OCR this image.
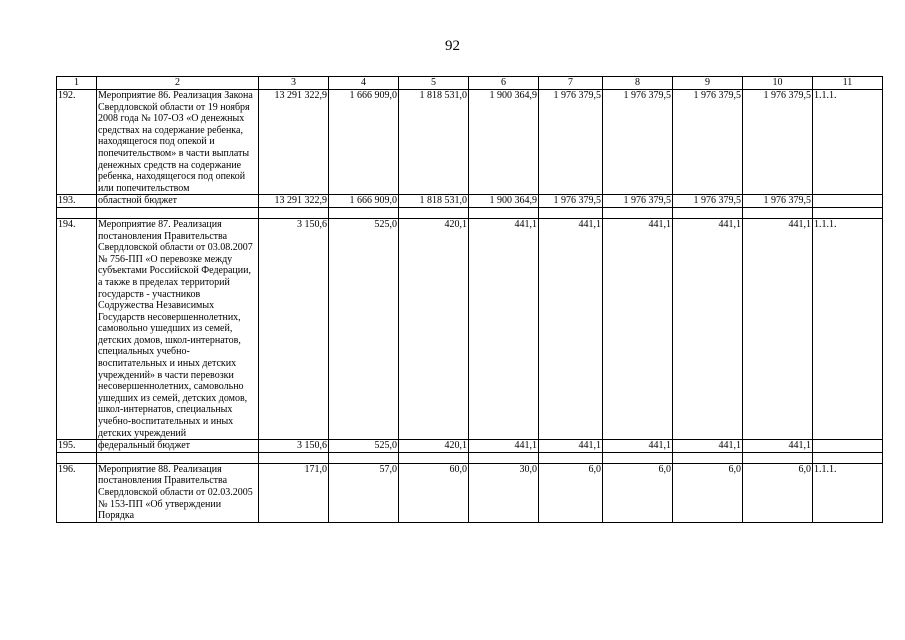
92
1	2	3	4	5	6	7	8	9	10	11
192.	Мероприятие 86. Реализация Закона Свердловской области от 19 ноября 2008 года № 107-ОЗ «О денежных средствах на содержание ребенка, находящегося под опекой и попечительством» в части выплаты денежных средств на содержание ребенка, находящегося под опекой или попечительством	13 291 322,9	1 666 909,0	1 818 531,0	1 900 364,9	1 976 379,5	1 976 379,5	1 976 379,5	1 976 379,5	1.1.1.
193.	областной бюджет	13 291 322,9	1 666 909,0	1 818 531,0	1 900 364,9	1 976 379,5	1 976 379,5	1 976 379,5	1 976 379,5	

194.	Мероприятие 87. Реализация постановления Правительства Свердловской области от 03.08.2007 № 756-ПП «О перевозке между субъектами Российской Федерации, а также в пределах территорий государств - участников Содружества Независимых Государств несовершеннолетних, самовольно ушедших из семей, детских домов, школ-интернатов, специальных учебно-воспитательных и иных детских учреждений» в части перевозки несовершеннолетних, самовольно ушедших из семей, детских домов, школ-интернатов, специальных учебно-воспитательных и иных детских учреждений	3 150,6	525,0	420,1	441,1	441,1	441,1	441,1	441,1	1.1.1.
195.	федеральный бюджет	3 150,6	525,0	420,1	441,1	441,1	441,1	441,1	441,1	

196.	Мероприятие 88. Реализация постановления Правительства Свердловской области от 02.03.2005 № 153-ПП «Об утверждении Порядка	171,0	57,0	60,0	30,0	6,0	6,0	6,0	6,0	1.1.1.
